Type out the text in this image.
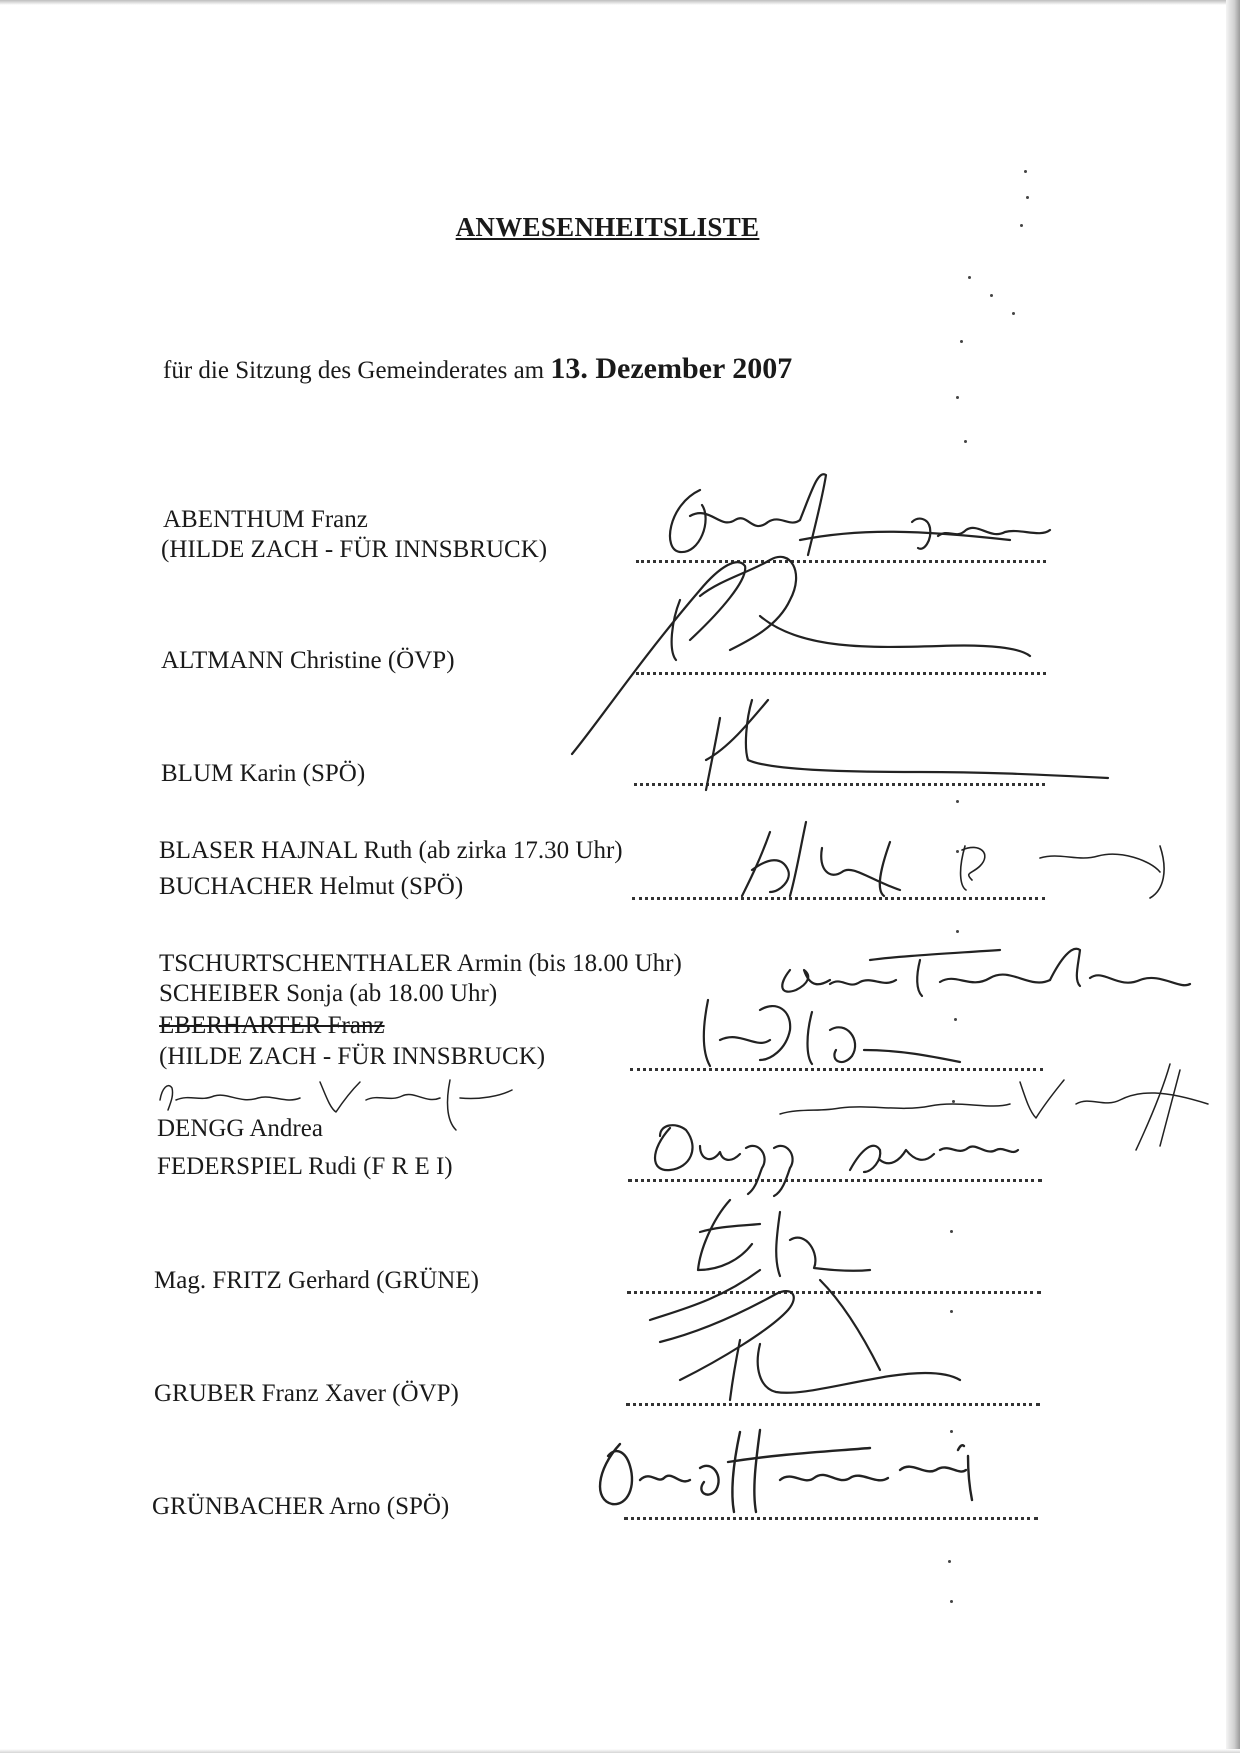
ANWESENHEITSLISTE
für die Sitzung des Gemeinderates am 13. Dezember 2007
ABENTHUM Franz
(HILDE ZACH - FÜR INNSBRUCK)
ALTMANN Christine (ÖVP)
BLUM Karin (SPÖ)
BLASER HAJNAL Ruth (ab zirka 17.30 Uhr)
BUCHACHER Helmut (SPÖ)
TSCHURTSCHENTHALER Armin (bis 18.00 Uhr)
SCHEIBER Sonja (ab 18.00 Uhr)
EBERHARTER Franz
(HILDE ZACH - FÜR INNSBRUCK)
DENGG Andrea
FEDERSPIEL Rudi (F R E I)
Mag. FRITZ Gerhard (GRÜNE)
GRUBER Franz Xaver (ÖVP)
GRÜNBACHER Arno (SPÖ)
